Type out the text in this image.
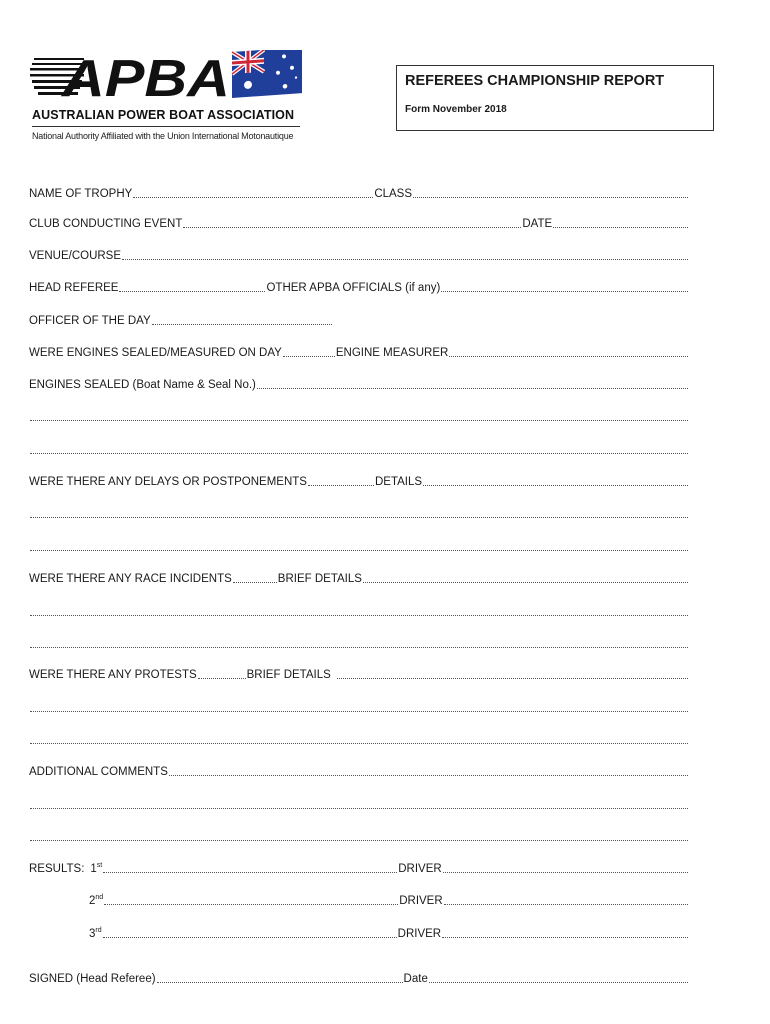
APBA
AUSTRALIAN POWER BOAT ASSOCIATION
National Authority Affiliated with the Union International Motonautique
REFEREES CHAMPIONSHIP REPORT
Form November 2018
NAME OF TROPHY	CLASS
CLUB CONDUCTING EVENT	DATE
VENUE/COURSE
HEAD REFEREE	OTHER APBA OFFICIALS (if any)
OFFICER OF THE DAY
WERE ENGINES SEALED/MEASURED ON DAY	ENGINE MEASURER
ENGINES SEALED (Boat Name & Seal No.)
WERE THERE ANY DELAYS OR POSTPONEMENTS	DETAILS
WERE THERE ANY RACE INCIDENTS	BRIEF DETAILS
WERE THERE ANY PROTESTS	BRIEF DETAILS
ADDITIONAL COMMENTS
RESULTS: 1st	DRIVER
2nd	DRIVER
3rd	DRIVER
SIGNED (Head Referee)	Date
